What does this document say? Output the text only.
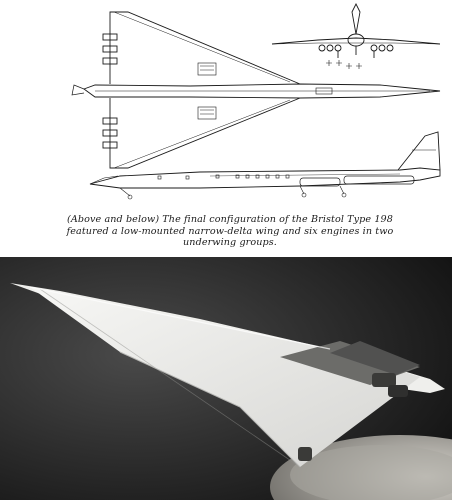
(Above and below) The final configuration of the Bristol Type 198
featured a low-mounted narrow-delta wing and six engines in two
underwing groups.
